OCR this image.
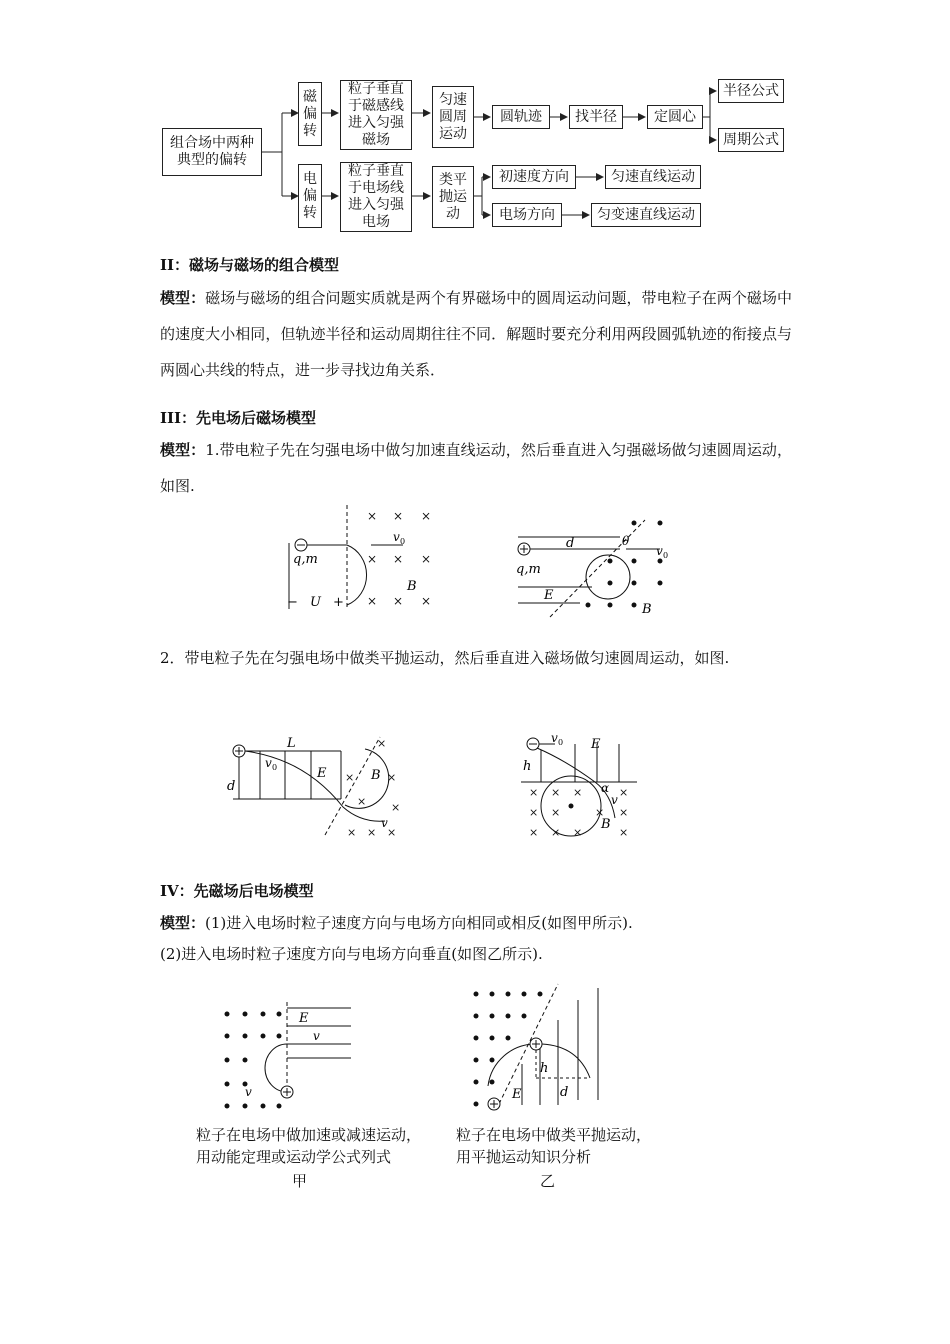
组合场中两种典型的偏转
磁偏转
电偏转
粒子垂直于磁感线进入匀强磁场
匀速圆周运动
圆轨迹 找半径	定圆心
半径公式
周期公式
粒子垂直于电场线进入匀强电场
类平抛运动
初速度方向
电场方向
匀速直线运动
匀变速直线运动
II：磁场与磁场的组合模型
模型：磁场与磁场的组合问题实质就是两个有界磁场中的圆周运动问题，带电粒子在两个磁场中的速度大小相同，但轨迹半径和运动周期往往不同．解题时要充分利用两段圆弧轨迹的衔接点与两圆心共线的特点，进一步寻找边角关系．
III：先电场后磁场模型
模型：1.带电粒子先在匀强电场中做匀加速直线运动，然后垂直进入匀强磁场做匀速圆周运动，如图.
q,m
v 0
B
− U +
× × ×
× × ×
× × ×
d	θ
v 0
q,m
E
B
2．带电粒子先在匀强电场中做类平抛运动，然后垂直进入磁场做匀速圆周运动，如图.
L
d
v 0	E	B
v
×
×	×
× ×
× × ×
h
v 0 E
α
v
B
× × ×	×
× ×	× ×
× × ×	×
IV：先磁场后电场模型
模型：(1)进入电场时粒子速度方向与电场方向相同或相反(如图甲所示).
(2)进入电场时粒子速度方向与电场方向垂直(如图乙所示).
E
v
v
粒子在电场中做加速或减速运动，
用动能定理或运动学公式列式
甲
h
d
E
粒子在电场中做类平抛运动，
用平抛运动知识分析
乙
